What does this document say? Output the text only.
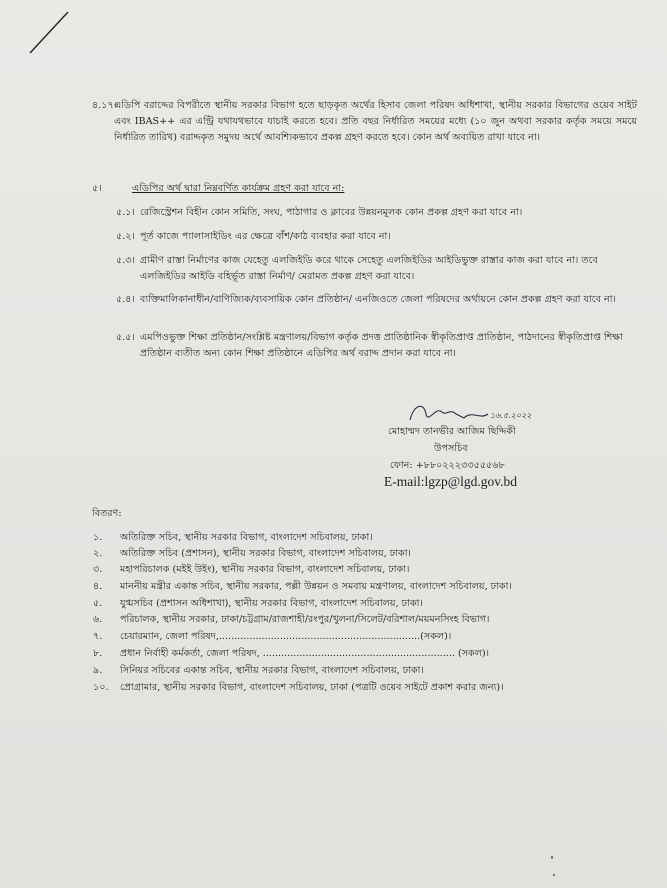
৪.১৭।
এডিপি বরাদ্দের বিপরীতে স্থানীয় সরকার বিভাগ হতে ছাড়কৃত অর্থের হিসাব জেলা পরিষদ অধিশাখা, স্থানীয় সরকার বিভাগের ওয়েব সাইট এবং IBAS++ এর এন্ট্রি যথাযথভাবে যাচাই করতে হবে। প্রতি বছর নির্ধারিত সময়ের মধ্যে (১০ জুন অথবা সরকার কর্তৃক সময়ে সময়ে নির্ধারিত তারিখ) বরাদ্দকৃত সমুদয় অর্থে আবশ্যিকভাবে প্রকল্প গ্রহণ করতে হবে। কোন অর্থ অব্যয়িত রাখা যাবে না।
৫।	এডিপির অর্থ দ্বারা নিম্নবর্ণিত কার্যক্রম গ্রহণ করা যাবে না:
৫.১। রেজিস্ট্রেশন বিহীন কোন সমিতি, সংঘ, পাঠাগার ও ক্লাবের উন্নয়নমূলক কোন প্রকল্প গ্রহণ করা যাবে না।
৫.২। পূর্ত কাজে প্যালাসাইডিং এর ক্ষেত্রে বাঁশ/কাঠ ব্যবহার করা যাবে না।
৫.৩। গ্রামীণ রাস্তা নির্মাণের কাজ যেহেতু এলজিইডি করে থাকে সেহেতু এলজিইডির আইডিভুক্ত রাস্তার কাজ করা যাবে না। তবে এলজিইডির আইডি বহির্ভূত রাস্তা নির্মাণ/ মেরামত প্রকল্প গ্রহণ করা যাবে।
৫.৪। ব্যক্তিমালিকানাধীন/বাণিজ্যিক/ব্যবসায়িক কোন প্রতিষ্ঠান/ এনজিওতে জেলা পরিষদের অর্থায়নে কোন প্রকল্প গ্রহণ করা যাবে না।
৫.৫। এমপিওভুক্ত শিক্ষা প্রতিষ্ঠান/সংশ্লিষ্ট মন্ত্রণালয়/বিভাগ কর্তৃক প্রদত্ত প্রাতিষ্ঠানিক স্বীকৃতিপ্রাপ্ত প্রাতিষ্ঠান, পাঠদানের স্বীকৃতিপ্রাপ্ত শিক্ষা প্রতিষ্ঠান ব্যতীত অন্য কোন শিক্ষা প্রতিষ্ঠানে এডিপির অর্থ বরাদ্দ প্রদান করা যাবে না।
১৬.৫.২০২২
মোহাম্মদ তানভীর আজিম ছিদ্দিকী
উপসচিব
ফোন: +৮৮০২২২৩৩৫৫৫৬৮
E-mail:lgzp@lgd.gov.bd
বিতরণ:
১. অতিরিক্ত সচিব, স্থানীয় সরকার বিভাগ, বাংলাদেশ সচিবালয়, ঢাকা।
২. অতিরিক্ত সচিব (প্রশাসন), স্থানীয় সরকার বিভাগ, বাংলাদেশ সচিবালয়, ঢাকা।
৩. মহাপরিচালক (মইই উইং), স্থানীয় সরকার বিভাগ, বাংলাদেশ সচিবালয়, ঢাকা।
৪. মাননীয় মন্ত্রীর একান্ত সচিব, স্থানীয় সরকার, পল্লী উন্নয়ন ও সমবায় মন্ত্রণালয়, বাংলাদেশ সচিবালয়, ঢাকা।
৫. যুগ্মসচিব (প্রশাসন অধিশাখা), স্থানীয় সরকার বিভাগ, বাংলাদেশ সচিবালয়, ঢাকা।
৬. পরিচালক, স্থানীয় সরকার, ঢাকা/চট্টগ্রাম/রাজশাহী/রংপুর/খুলনা/সিলেট/বরিশাল/ময়মনসিংহ বিভাগ।
৭. চেয়ারম্যান, জেলা পরিষদ,..................................................................(সকল)।
৮. প্রধান নির্বাহী কর্মকর্তা, জেলা পরিষদ, ............................................................... (সকল)।
৯. সিনিয়র সচিবের একান্ত সচিব, স্থানীয় সরকার বিভাগ, বাংলাদেশ সচিবালয়, ঢাকা।
১০. প্রোগ্রামার, স্থানীয় সরকার বিভাগ, বাংলাদেশ সচিবালয়, ঢাকা (পত্রটি ওয়েব সাইটে প্রকাশ করার জন্য)।
